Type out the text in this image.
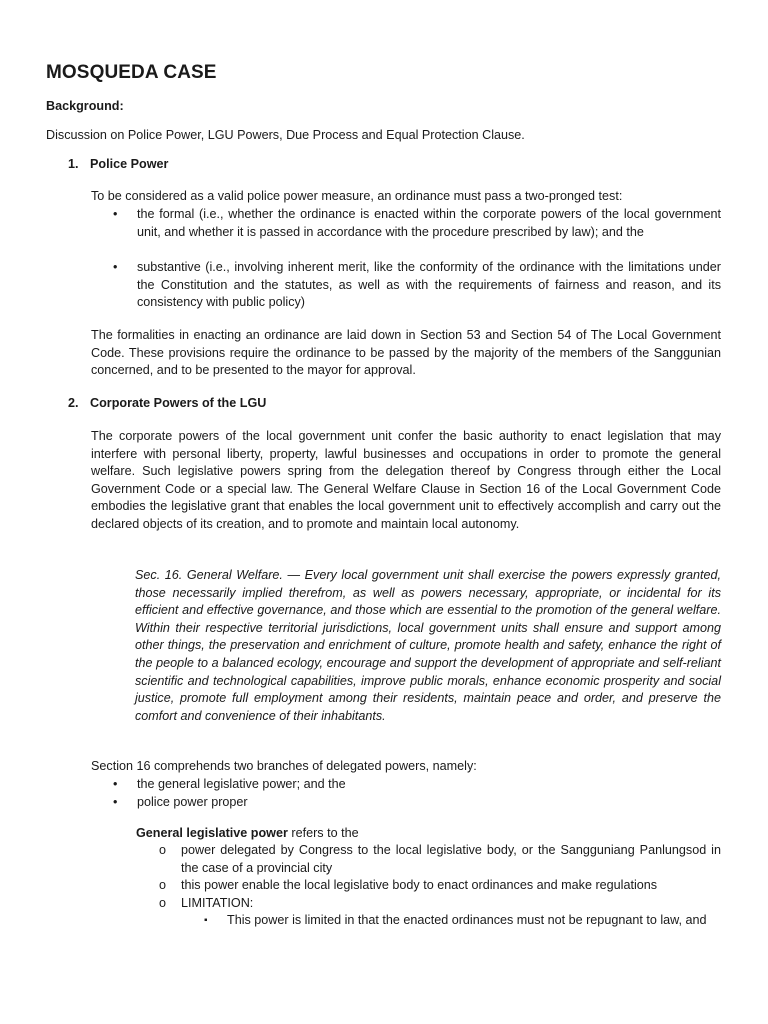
MOSQUEDA CASE
Background:
Discussion on Police Power, LGU Powers, Due Process and Equal Protection Clause.
1. Police Power
To be considered as a valid police power measure, an ordinance must pass a two-pronged test:
• the formal (i.e., whether the ordinance is enacted within the corporate powers of the local government unit, and whether it is passed in accordance with the procedure prescribed by law); and the
• substantive (i.e., involving inherent merit, like the conformity of the ordinance with the limitations under the Constitution and the statutes, as well as with the requirements of fairness and reason, and its consistency with public policy)
The formalities in enacting an ordinance are laid down in Section 53 and Section 54 of The Local Government Code. These provisions require the ordinance to be passed by the majority of the members of the Sanggunian concerned, and to be presented to the mayor for approval.
2. Corporate Powers of the LGU
The corporate powers of the local government unit confer the basic authority to enact legislation that may interfere with personal liberty, property, lawful businesses and occupations in order to promote the general welfare. Such legislative powers spring from the delegation thereof by Congress through either the Local Government Code or a special law. The General Welfare Clause in Section 16 of the Local Government Code embodies the legislative grant that enables the local government unit to effectively accomplish and carry out the declared objects of its creation, and to promote and maintain local autonomy.
Sec. 16. General Welfare. — Every local government unit shall exercise the powers expressly granted, those necessarily implied therefrom, as well as powers necessary, appropriate, or incidental for its efficient and effective governance, and those which are essential to the promotion of the general welfare. Within their respective territorial jurisdictions, local government units shall ensure and support among other things, the preservation and enrichment of culture, promote health and safety, enhance the right of the people to a balanced ecology, encourage and support the development of appropriate and self-reliant scientific and technological capabilities, improve public morals, enhance economic prosperity and social justice, promote full employment among their residents, maintain peace and order, and preserve the comfort and convenience of their inhabitants.
Section 16 comprehends two branches of delegated powers, namely:
• the general legislative power; and the
• police power proper
General legislative power refers to the
o power delegated by Congress to the local legislative body, or the Sangguniang Panlungsod in the case of a provincial city
o this power enable the local legislative body to enact ordinances and make regulations
o LIMITATION:
▪ This power is limited in that the enacted ordinances must not be repugnant to law, and
